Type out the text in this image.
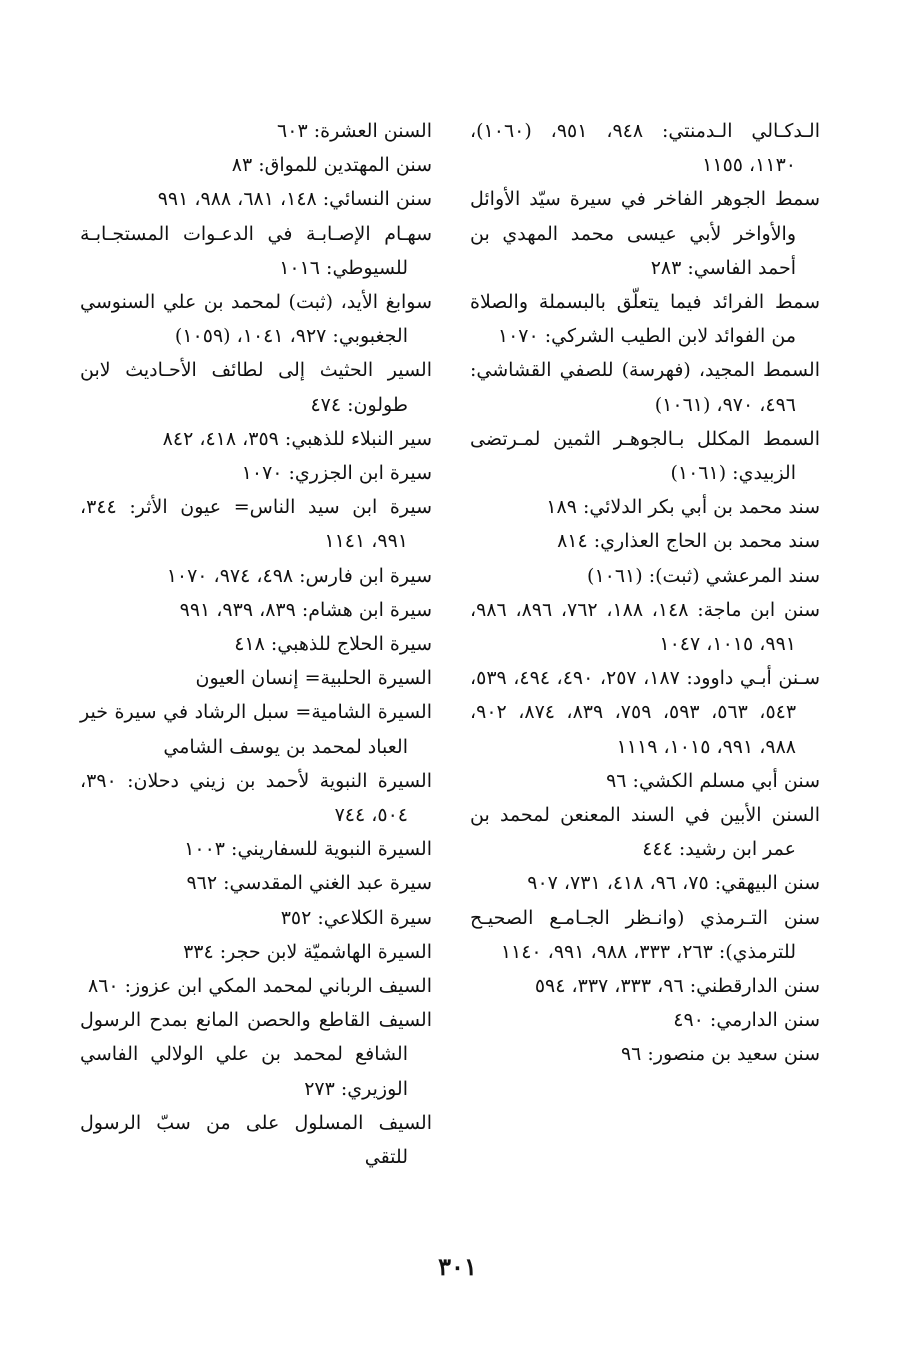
الـدكـالي الـدمنتي: ٩٤٨، ٩٥١، (١٠٦٠)، ١١٣٠، ١١٥٥

سمط الجوهر الفاخر في سيرة سيّد الأوائل والأواخر لأبي عيسى محمد المهدي بن أحمد الفاسي: ٢٨٣

سمط الفرائد فيما يتعلّق بالبسملة والصلاة من الفوائد لابن الطيب الشركي: ١٠٧٠

السمط المجيد، (فهرسة) للصفي القشاشي: ٤٩٦، ٩٧٠، (١٠٦١)

السمط المكلل بـالجوهـر الثمين لمـرتضى الزبيدي: (١٠٦١)

سند محمد بن أبي بكر الدلائي: ١٨٩

سند محمد بن الحاج العذاري: ٨١٤

سند المرعشي (ثبت): (١٠٦١)

سنن ابن ماجة: ١٤٨، ١٨٨، ٧٦٢، ٨٩٦، ٩٨٦، ٩٩١، ١٠١٥، ١٠٤٧

سـنن أبـي داوود: ١٨٧، ٢٥٧، ٤٩٠، ٤٩٤، ٥٣٩، ٥٤٣، ٥٦٣، ٥٩٣، ٧٥٩، ٨٣٩، ٨٧٤، ٩٠٢، ٩٨٨، ٩٩١، ١٠١٥، ١١١٩

سنن أبي مسلم الكشي: ٩٦

السنن الأبين في السند المعنعن لمحمد بن عمر ابن رشيد: ٤٤٤

سنن البيهقي: ٧٥، ٩٦، ٤١٨، ٧٣١، ٩٠٧

سنن التـرمذي (وانـظر الجـامـع الصحيـح للترمذي): ٢٦٣، ٣٣٣، ٩٨٨، ٩٩١، ١١٤٠

سنن الدارقطني: ٩٦، ٣٣٣، ٣٣٧، ٥٩٤

سنن الدارمي: ٤٩٠

سنن سعيد بن منصور: ٩٦

السنن العشرة: ٦٠٣

سنن المهتدين للمواق: ٨٣

سنن النسائي: ١٤٨، ٦٨١، ٩٨٨، ٩٩١

سهـام الإصـابـة في الدعـوات المستجـابـة للسيوطي: ١٠١٦

سوابغ الأيد، (ثبت) لمحمد بن علي السنوسي الجغبوبي: ٩٢٧، ١٠٤١، (١٠٥٩)

السير الحثيث إلى لطائف الأحـاديث لابن طولون: ٤٧٤

سير النبلاء للذهبي: ٣٥٩، ٤١٨، ٨٤٢

سيرة ابن الجزري: ١٠٧٠

سيرة ابن سيد الناس= عيون الأثر: ٣٤٤، ٩٩١، ١١٤١

سيرة ابن فارس: ٤٩٨، ٩٧٤، ١٠٧٠

سيرة ابن هشام: ٨٣٩، ٩٣٩، ٩٩١

سيرة الحلاج للذهبي: ٤١٨

السيرة الحلبية= إنسان العيون

السيرة الشامية= سبل الرشاد في سيرة خير العباد لمحمد بن يوسف الشامي

السيرة النبوية لأحمد بن زيني دحلان: ٣٩٠، ٥٠٤، ٧٤٤

السيرة النبوية للسفاريني: ١٠٠٣

سيرة عبد الغني المقدسي: ٩٦٢

سيرة الكلاعي: ٣٥٢

السيرة الهاشميّة لابن حجر: ٣٣٤

السيف الرباني لمحمد المكي ابن عزوز: ٨٦٠

السيف القاطع والحصن المانع بمدح الرسول الشافع لمحمد بن علي الولالي الفاسي الوزيري: ٢٧٣

السيف المسلول على من سبّ الرسول للتقي

٣٠١
